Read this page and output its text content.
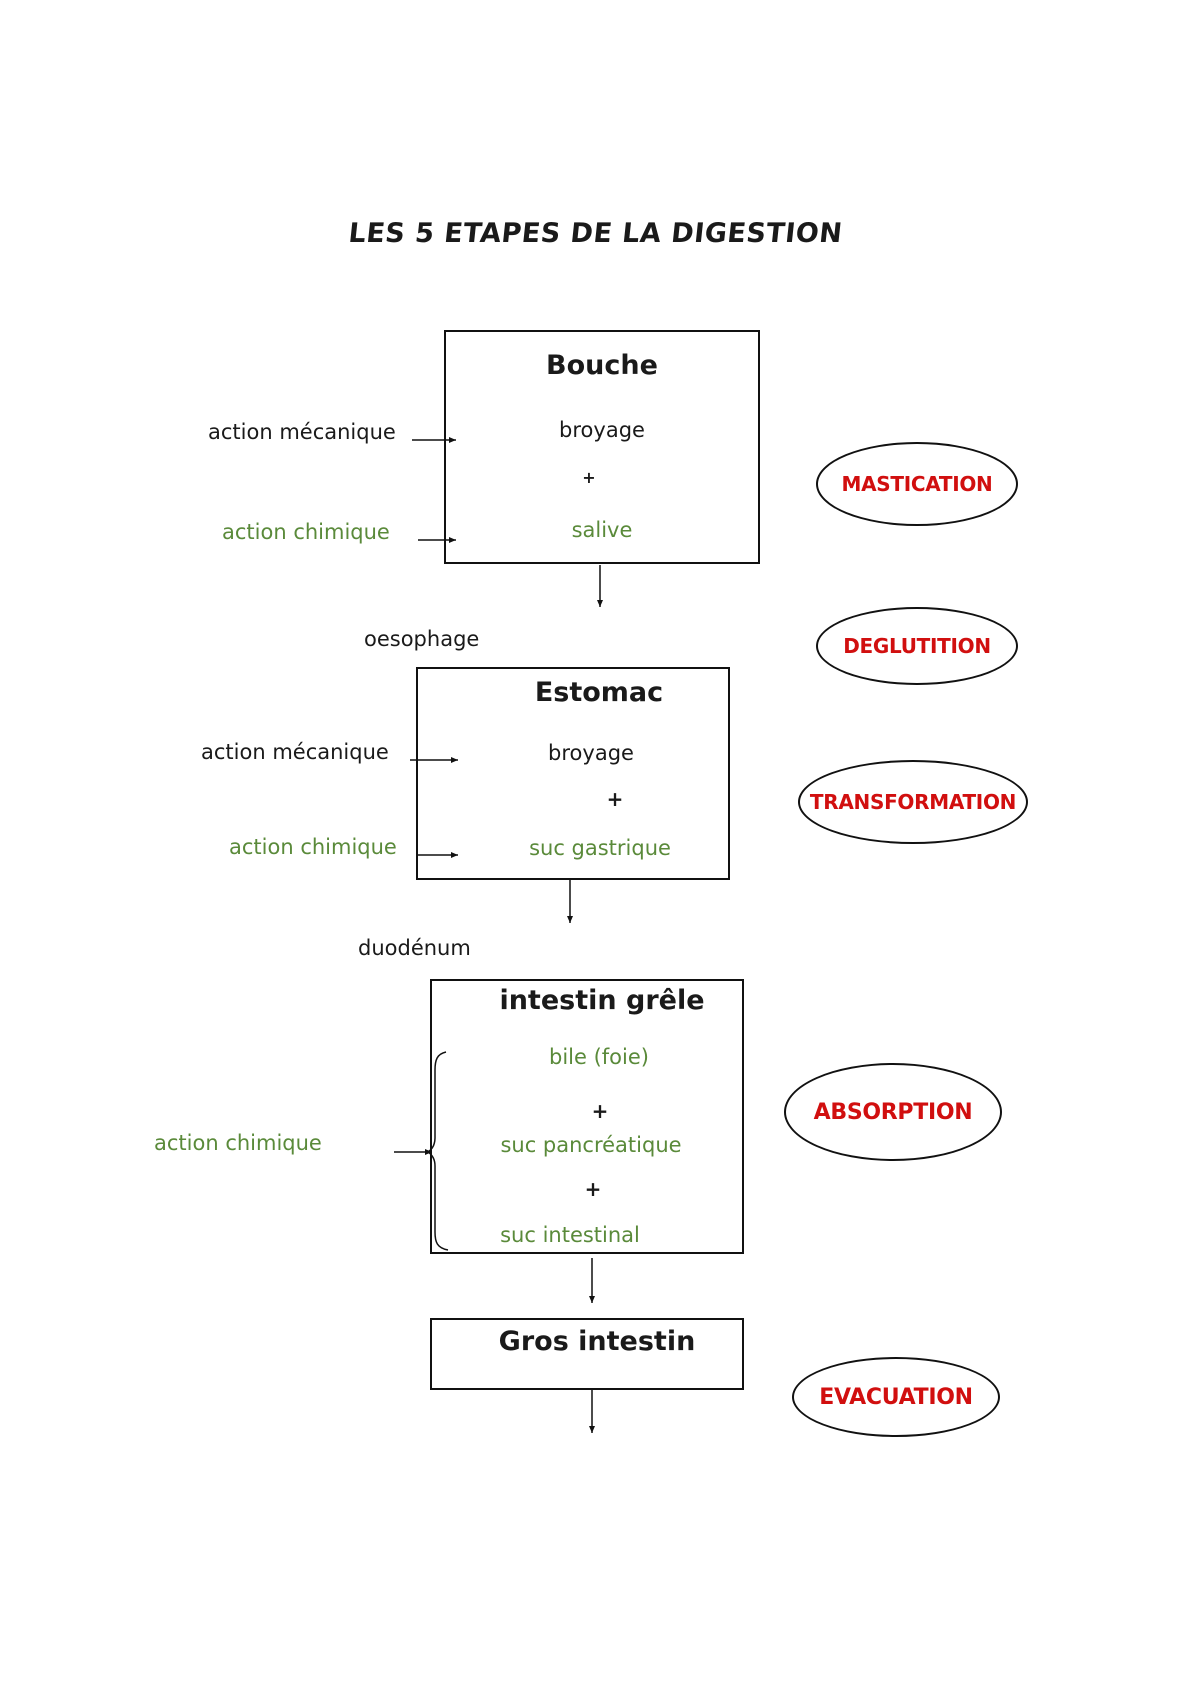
LES 5 ETAPES DE LA DIGESTION
Bouche
broyage
+
salive
action mécanique
action chimique
oesophage
Estomac
broyage
+
suc gastrique
action mécanique
action chimique
duodénum
intestin grêle
bile (foie)
+
suc pancréatique
+
suc intestinal
action chimique
Gros intestin
MASTICATION
DEGLUTITION
TRANSFORMATION
ABSORPTION
EVACUATION
